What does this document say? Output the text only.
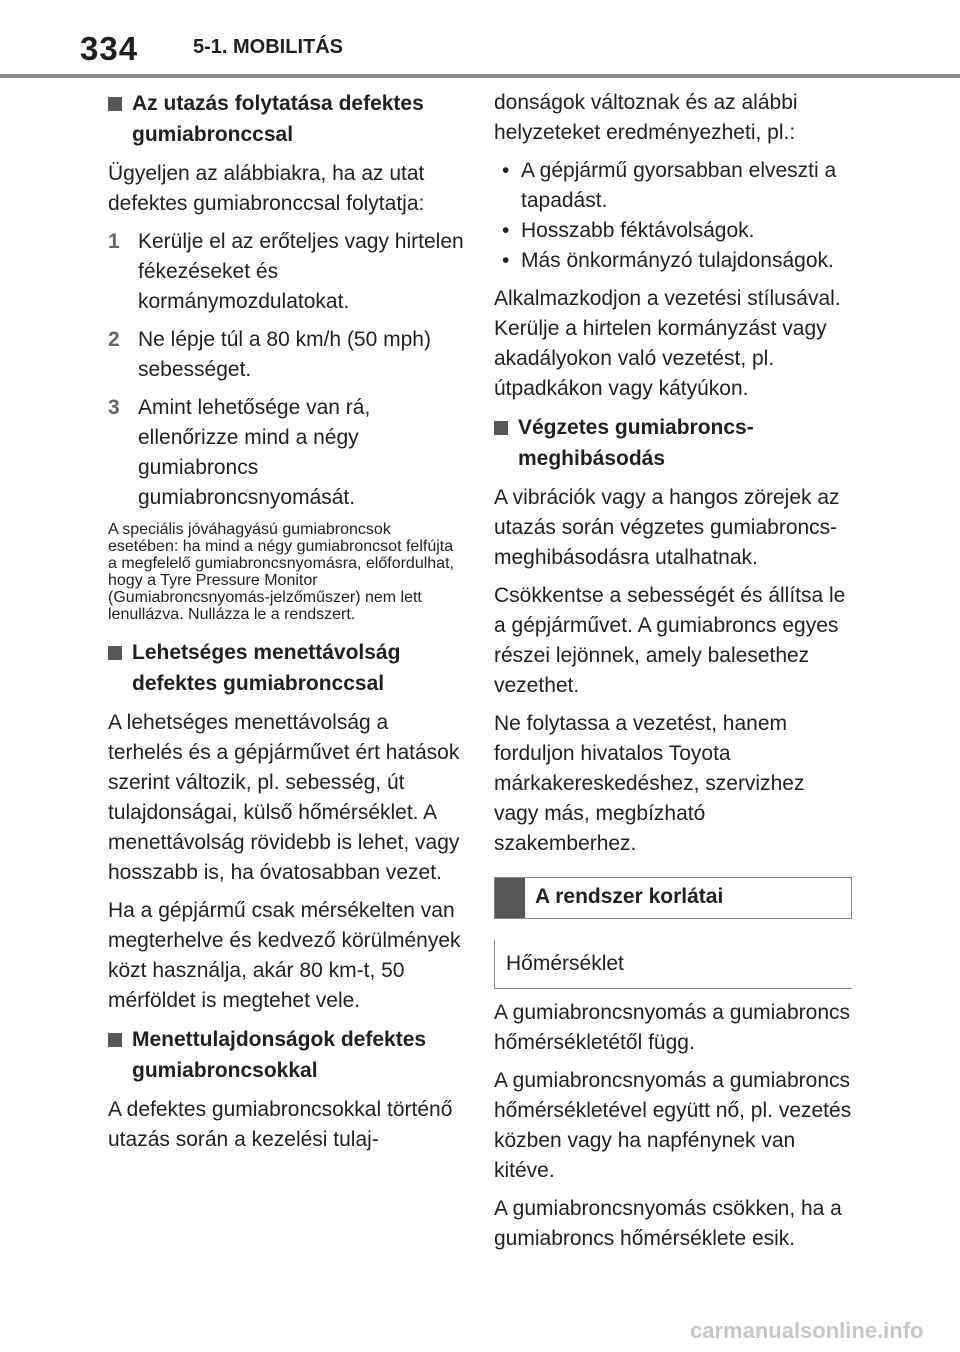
334	5-1. MOBILITÁS
Az utazás folytatása defektes gumiabronccsal
Ügyeljen az alábbiakra, ha az utat defektes gumiabronccsal folytatja:
1 Kerülje el az erőteljes vagy hirtelen fékezéseket és kormánymozdulatokat.
2 Ne lépje túl a 80 km/h (50 mph) sebességet.
3 Amint lehetősége van rá, ellenőrizze mind a négy gumiabroncs gumiabroncsnyomását.
A speciális jóváhagyású gumiabroncsok esetében: ha mind a négy gumiabroncsot felfújta a megfelelő gumiabroncsnyomásra, előfordulhat, hogy a Tyre Pressure Monitor (Gumiabroncsnyomás-jelzőműszer) nem lett lenullázva. Nullázza le a rendszert.
Lehetséges menettávolság defektes gumiabronccsal
A lehetséges menettávolság a terhelés és a gépjárművet ért hatások szerint változik, pl. sebesség, út tulajdonságai, külső hőmérséklet. A menettávolság rövidebb is lehet, vagy hosszabb is, ha óvatosabban vezet.
Ha a gépjármű csak mérsékelten van megterhelve és kedvező körülmények közt használja, akár 80 km-t, 50 mérföldet is megtehet vele.
Menettulajdonságok defektes gumiabroncsokkal
A defektes gumiabroncsokkal történő utazás során a kezelési tulaj-
donságok változnak és az alábbi helyzeteket eredményezheti, pl.:
• A gépjármű gyorsabban elveszti a tapadást.
• Hosszabb féktávolságok.
• Más önkormányzó tulajdonságok.
Alkalmazkodjon a vezetési stílusával. Kerülje a hirtelen kormányzást vagy akadályokon való vezetést, pl. útpadkákon vagy kátyúkon.
Végzetes gumiabroncs-meghibásodás
A vibrációk vagy a hangos zörejek az utazás során végzetes gumiabroncs-meghibásodásra utalhatnak.
Csökkentse a sebességét és állítsa le a gépjárművet. A gumiabroncs egyes részei lejönnek, amely balesethez vezethet.
Ne folytassa a vezetést, hanem forduljon hivatalos Toyota márkakereskedéshez, szervizhez vagy más, megbízható szakemberhez.
A rendszer korlátai
Hőmérséklet
A gumiabroncsnyomás a gumiabroncs hőmérsékletétől függ.
A gumiabroncsnyomás a gumiabroncs hőmérsékletével együtt nő, pl. vezetés közben vagy ha napfénynek van kitéve.
A gumiabroncsnyomás csökken, ha a gumiabroncs hőmérséklete esik.
carmanualsonline.info
